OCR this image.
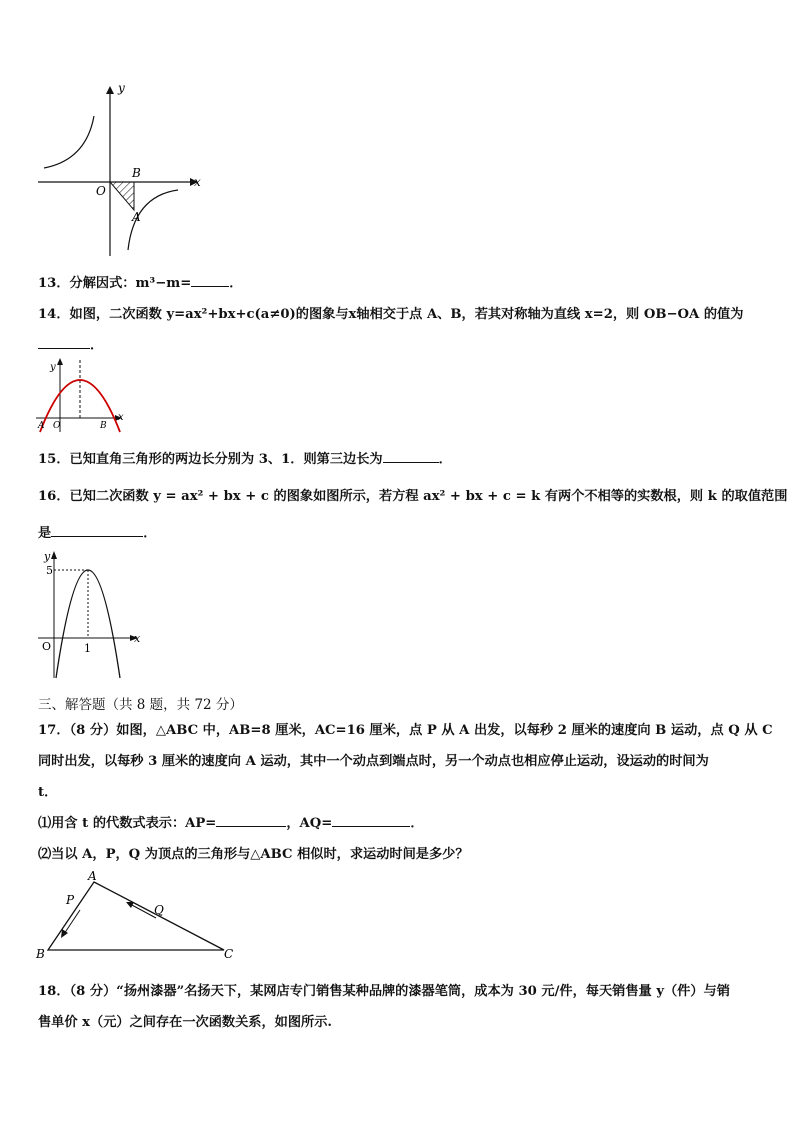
y
x
O
B
A
13．分解因式：m³−m=	．
14．如图，二次函数 y=ax²+bx+c(a≠0)的图象与x轴相交于点 A、B，若其对称轴为直线 x=2，则 OB−OA 的值为
．
y
x
A O	B
15．已知直角三角形的两边长分别为 3、1．则第三边长为	．
16．已知二次函数 y = ax² + bx + c 的图象如图所示，若方程 ax² + bx + c = k 有两个不相等的实数根，则 k 的取值范围
是	．
y
x
5
O	1
三、解答题（共 8 题，共 72 分）
17．（8 分）如图，△ABC 中，AB=8 厘米，AC=16 厘米，点 P 从 A 出发，以每秒 2 厘米的速度向 B 运动，点 Q 从 C
同时出发，以每秒 3 厘米的速度向 A 运动，其中一个动点到端点时，另一个动点也相应停止运动，设运动的时间为
t．
⑴用含 t 的代数式表示：AP=	，AQ=	．
⑵当以 A，P，Q 为顶点的三角形与△ABC 相似时，求运动时间是多少？
A
B	C
P
Q
18．（8 分）“扬州漆器”名扬天下，某网店专门销售某种品牌的漆器笔筒，成本为 30 元/件，每天销售量 y（件）与销
售单价 x（元）之间存在一次函数关系，如图所示.
